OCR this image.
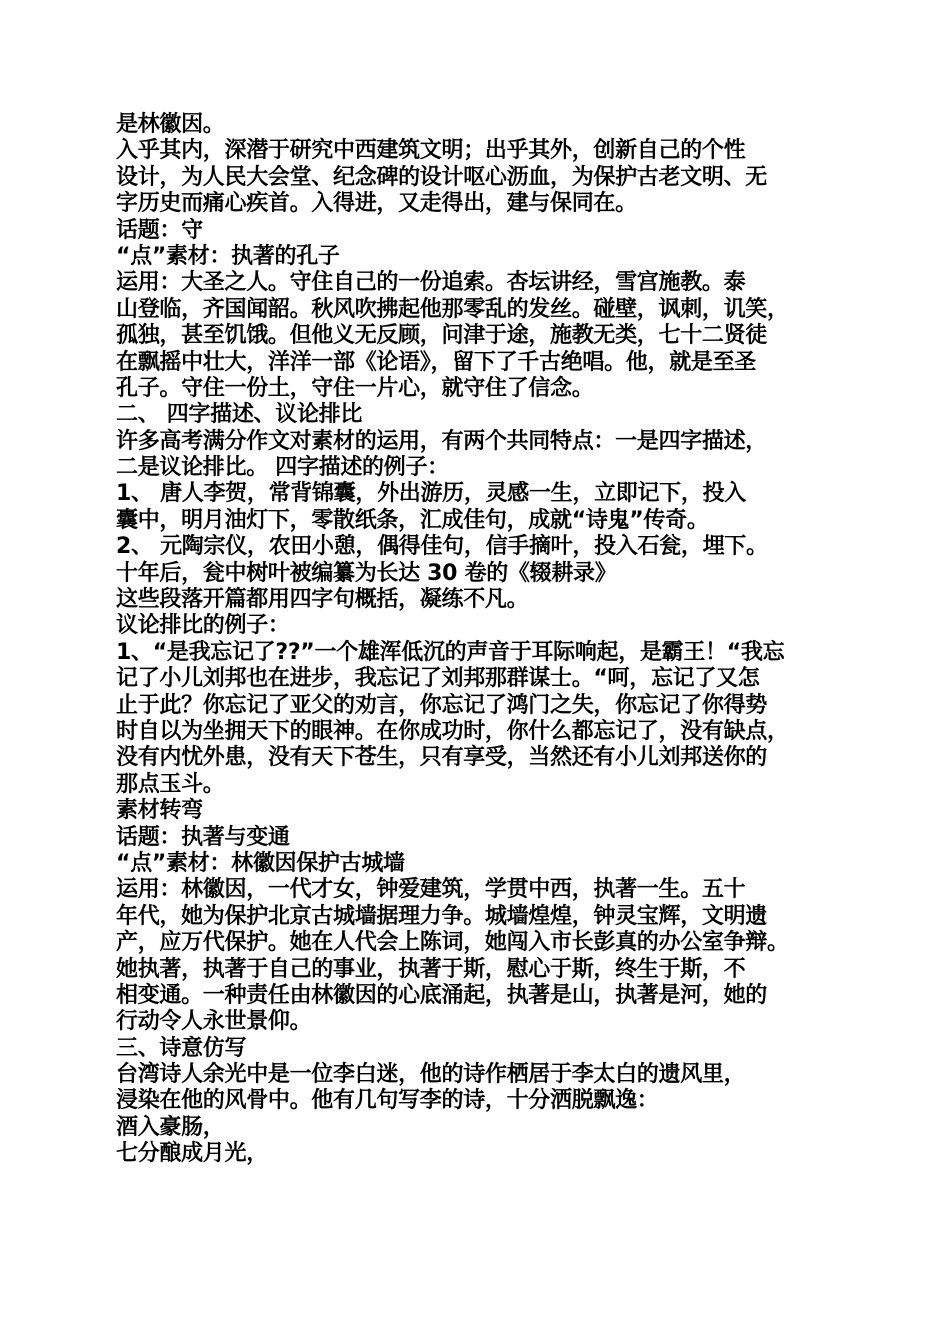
是林徽因。
入乎其内，深潜于研究中西建筑文明；出乎其外，创新自己的个性
设计，为人民大会堂、纪念碑的设计呕心沥血，为保护古老文明、无
字历史而痛心疾首。入得进，又走得出，建与保同在。
话题：守
“点”素材：执著的孔子
运用：大圣之人。守住自己的一份追索。杏坛讲经，雪宫施教。泰
山登临，齐国闻韶。秋风吹拂起他那零乱的发丝。碰壁，讽刺，讥笑，
孤独，甚至饥饿。但他义无反顾，问津于途，施教无类，七十二贤徒
在飘摇中壮大，洋洋一部《论语》，留下了千古绝唱。他，就是至圣
孔子。守住一份土，守住一片心，就守住了信念。
二、 四字描述、议论排比
许多高考满分作文对素材的运用，有两个共同特点：一是四字描述，
二是议论排比。 四字描述的例子：
1、 唐人李贺，常背锦囊，外出游历，灵感一生，立即记下，投入
囊中，明月油灯下，零散纸条，汇成佳句，成就“诗鬼”传奇。
2、 元陶宗仪，农田小憩，偶得佳句，信手摘叶，投入石瓮，埋下。
十年后，瓮中树叶被编纂为长达 30 卷的《辍耕录》
这些段落开篇都用四字句概括，凝练不凡。
议论排比的例子：
1、“是我忘记了??”一个雄浑低沉的声音于耳际响起，是霸王！“我忘
记了小儿刘邦也在进步，我忘记了刘邦那群谋士。“呵，忘记了又怎
止于此？你忘记了亚父的劝言，你忘记了鸿门之失，你忘记了你得势
时自以为坐拥天下的眼神。在你成功时，你什么都忘记了，没有缺点，
没有内忧外患，没有天下苍生，只有享受，当然还有小儿刘邦送你的
那点玉斗。
素材转弯
话题：执著与变通
“点”素材：林徽因保护古城墙
运用：林徽因，一代才女，钟爱建筑，学贯中西，执著一生。五十
年代，她为保护北京古城墙据理力争。城墙煌煌，钟灵宝辉，文明遗
产，应万代保护。她在人代会上陈词，她闯入市长彭真的办公室争辩。
她执著，执著于自己的事业，执著于斯，慰心于斯，终生于斯，不
相变通。一种责任由林徽因的心底涌起，执著是山，执著是河，她的
行动令人永世景仰。
三、诗意仿写
台湾诗人余光中是一位李白迷，他的诗作栖居于李太白的遗风里，
浸染在他的风骨中。他有几句写李的诗，十分洒脱飘逸：
酒入豪肠，
七分酿成月光，
